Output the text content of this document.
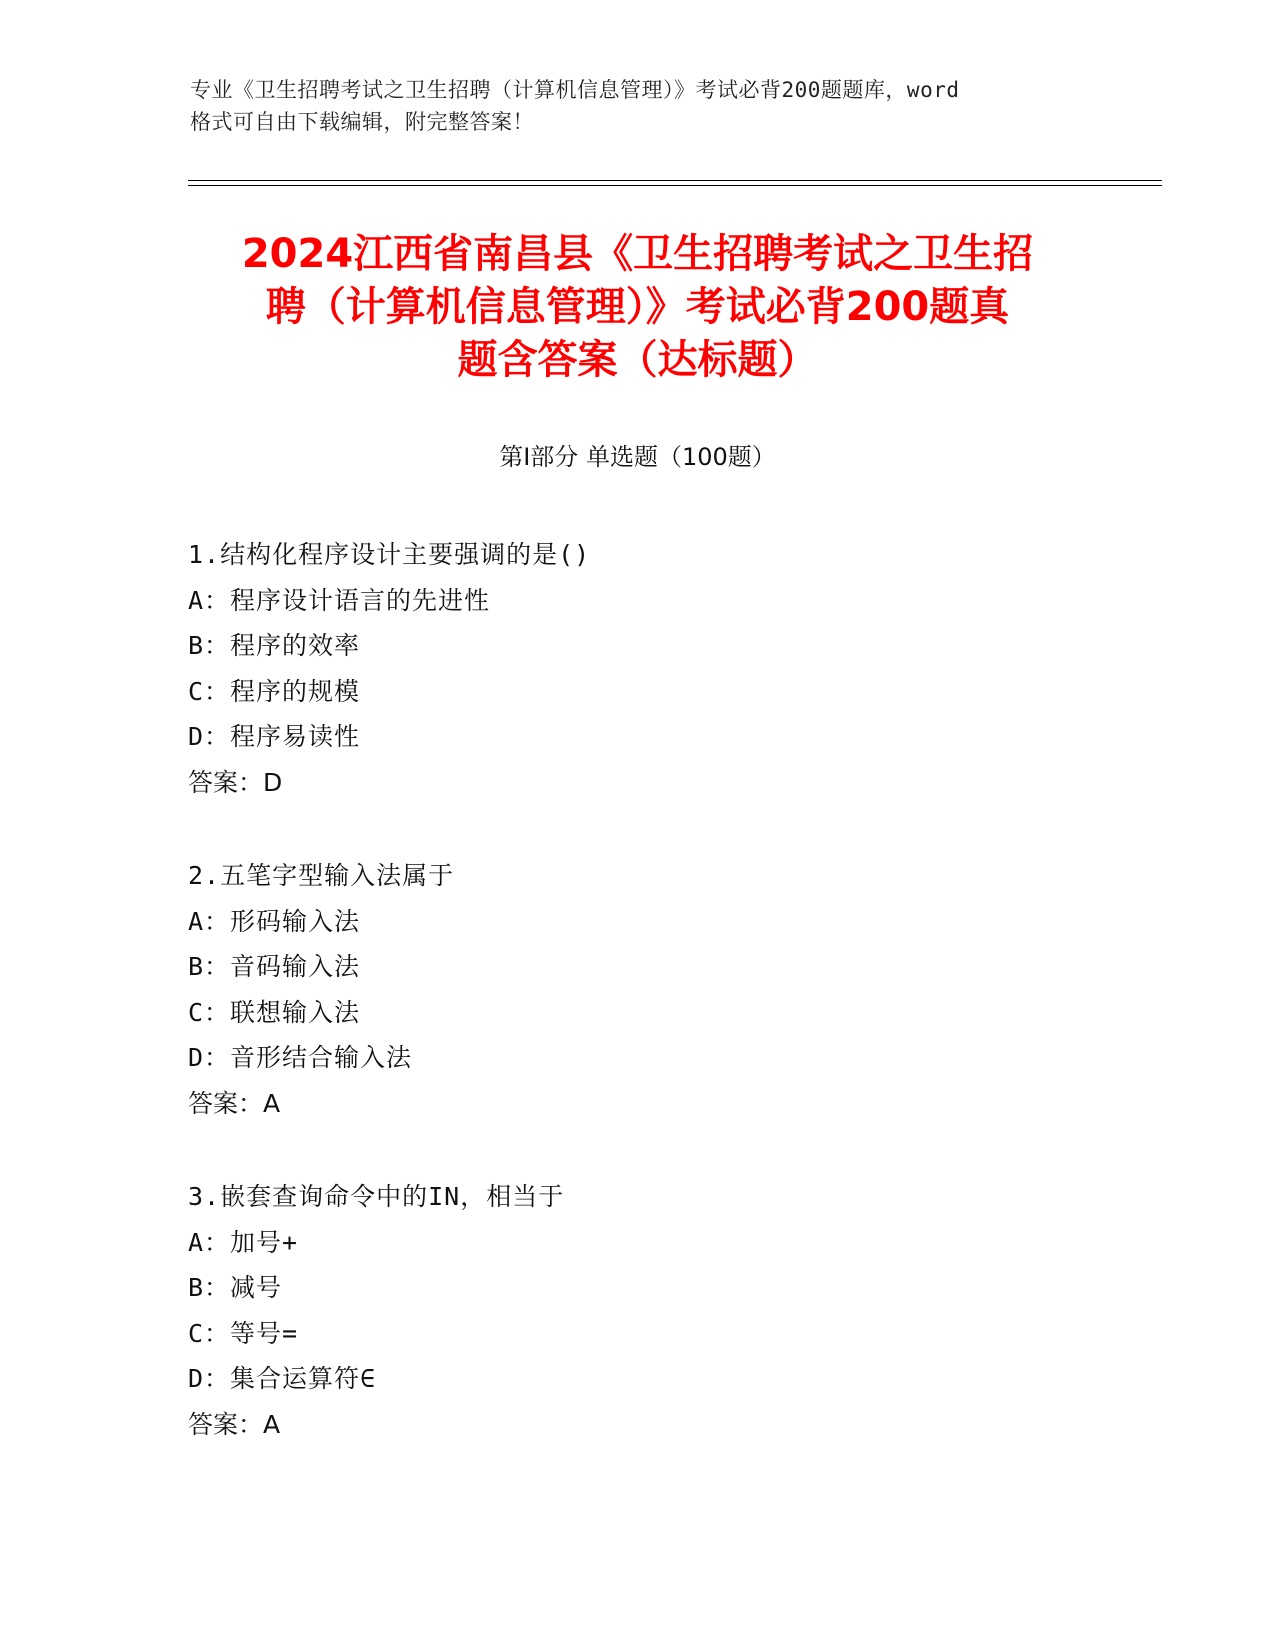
专业《卫生招聘考试之卫生招聘（计算机信息管理）》考试必背200题题库，word
格式可自由下载编辑，附完整答案！
2024江西省南昌县《卫生招聘考试之卫生招
聘（计算机信息管理）》考试必背200题真
题含答案（达标题）
第Ⅰ部分 单选题（100题）
1.结构化程序设计主要强调的是()
A：程序设计语言的先进性
B：程序的效率
C：程序的规模
D：程序易读性
答案：D
2.五笔字型输入法属于
A：形码输入法
B：音码输入法
C：联想输入法
D：音形结合输入法
答案：A
3.嵌套查询命令中的IN，相当于
A：加号+
B：减号
C：等号=
D：集合运算符∈
答案：A
